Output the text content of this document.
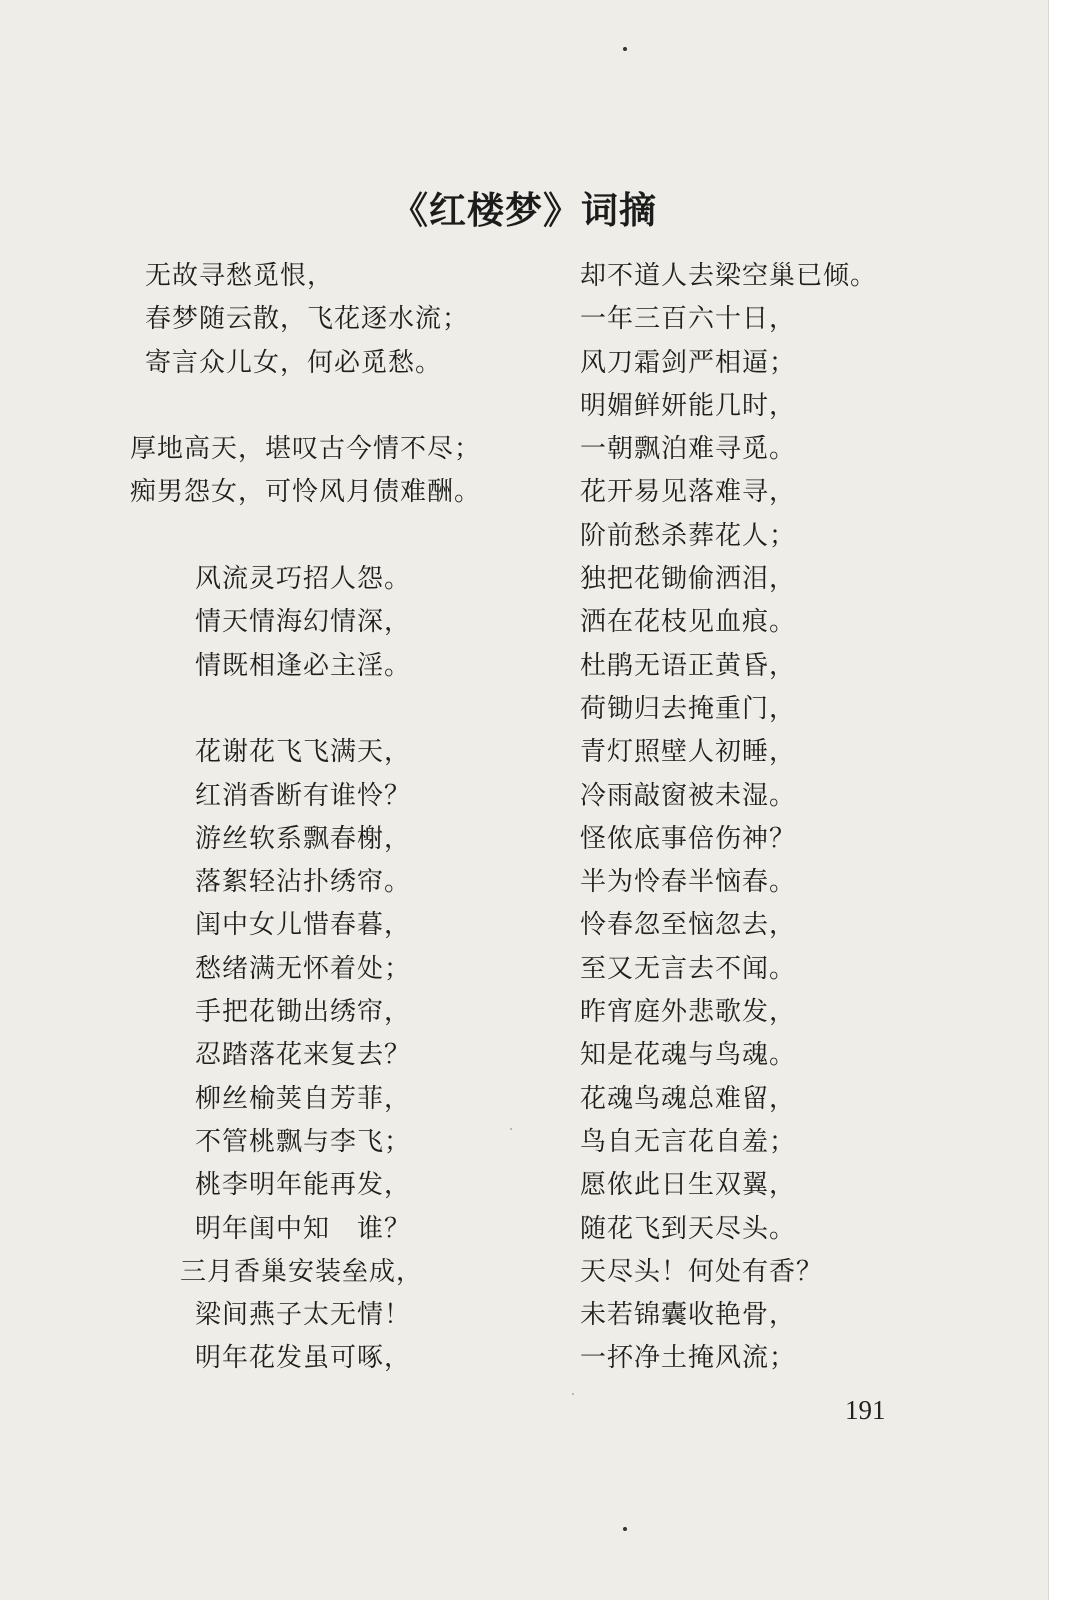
《红楼梦》词摘
无故寻愁觅恨，
春梦随云散，飞花逐水流；
寄言众儿女，何必觅愁。
厚地高天，堪叹古今情不尽；
痴男怨女，可怜风月债难酬。
风流灵巧招人怨。
情天情海幻情深，
情既相逢必主淫。
花谢花飞飞满天，
红消香断有谁怜？
游丝软系飘春榭，
落絮轻沾扑绣帘。
闺中女儿惜春暮，
愁绪满无怀着处；
手把花锄出绣帘，
忍踏落花来复去？
柳丝榆荚自芳菲，
不管桃飘与李飞；
桃李明年能再发，
明年闺中知　谁？
三月香巢安装垒成，
梁间燕子太无情！
明年花发虽可啄，
却不道人去梁空巢已倾。
一年三百六十日，
风刀霜剑严相逼；
明媚鲜妍能几时，
一朝飘泊难寻觅。
花开易见落难寻，
阶前愁杀葬花人；
独把花锄偷洒泪，
洒在花枝见血痕。
杜鹃无语正黄昏，
荷锄归去掩重门，
青灯照壁人初睡，
冷雨敲窗被未湿。
怪侬底事倍伤神？
半为怜春半恼春。
怜春忽至恼忽去，
至又无言去不闻。
昨宵庭外悲歌发，
知是花魂与鸟魂。
花魂鸟魂总难留，
鸟自无言花自羞；
愿侬此日生双翼，
随花飞到天尽头。
天尽头！何处有香？
未若锦囊收艳骨，
一抔净土掩风流；
191
